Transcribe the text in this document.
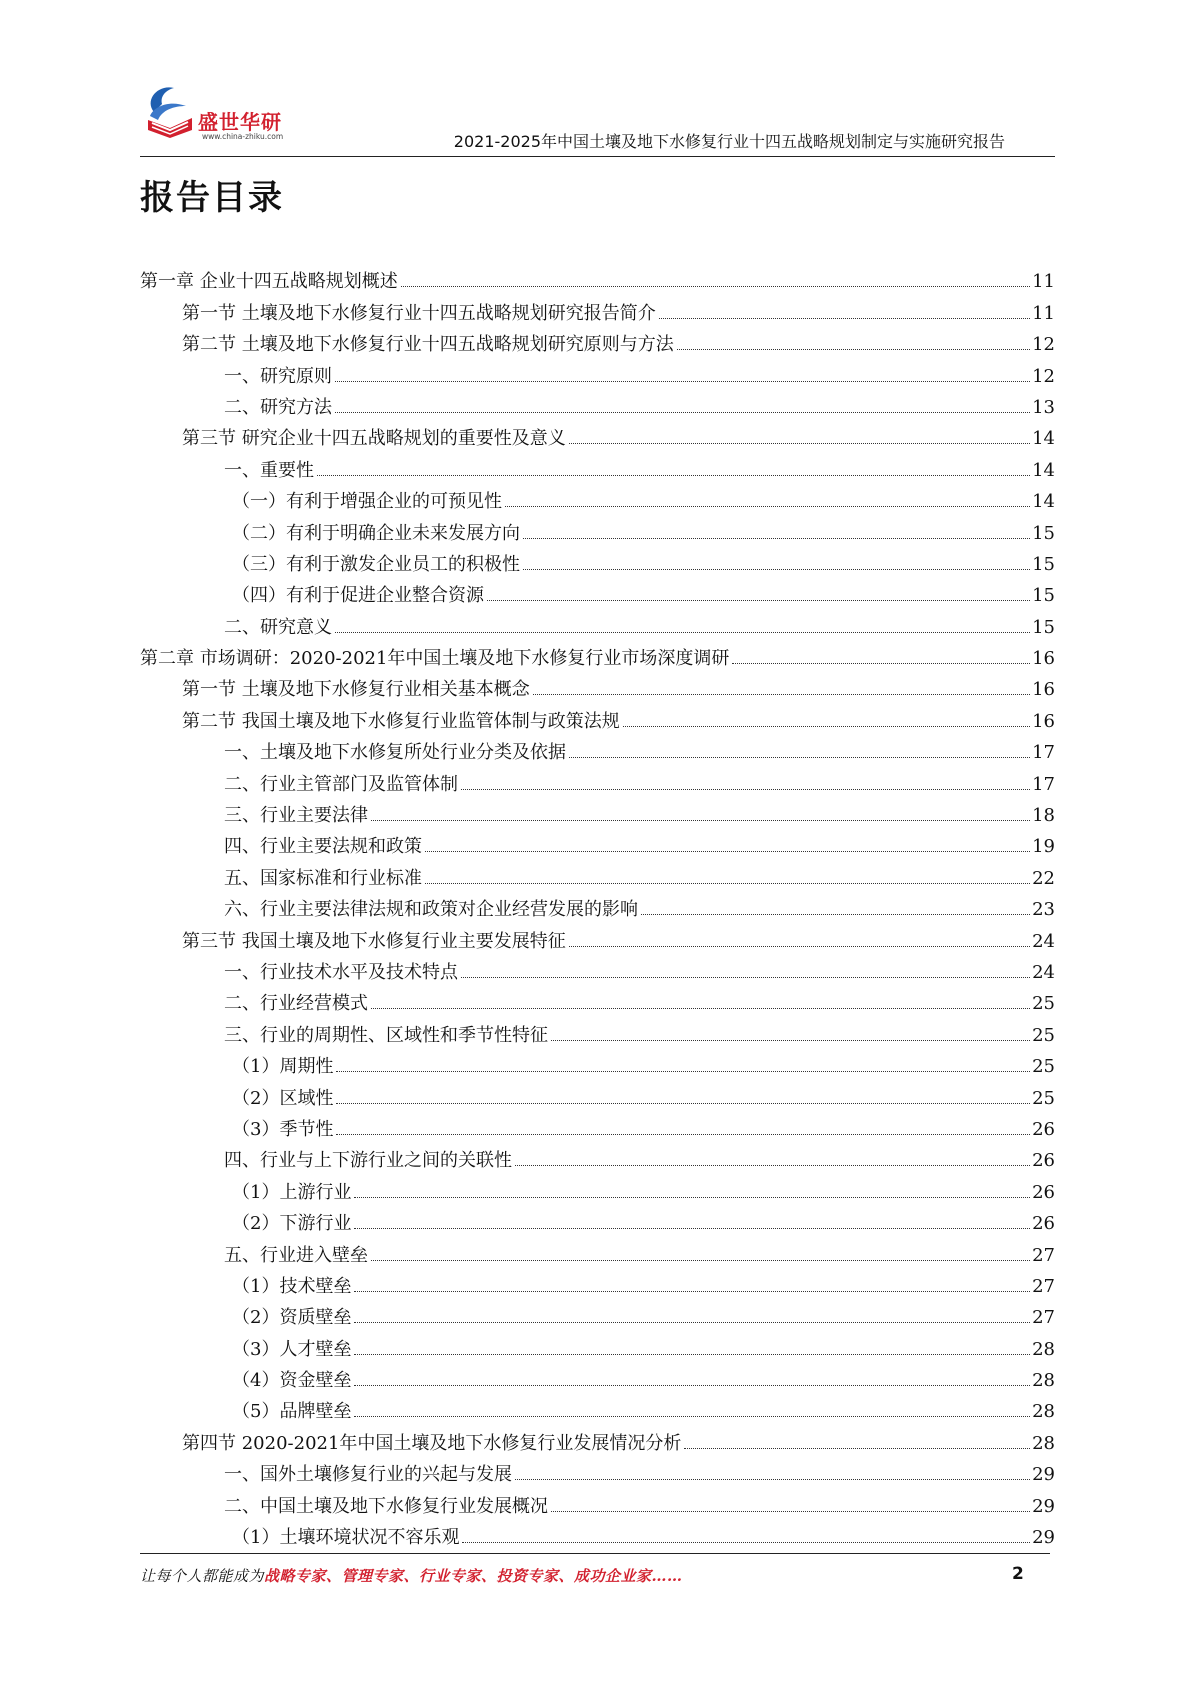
盛世华研
www.china-zhiku.com	2021-2025年中国土壤及地下水修复行业十四五战略规划制定与实施研究报告
报告目录
第一章 企业十四五战略规划概述	11
第一节 土壤及地下水修复行业十四五战略规划研究报告简介	11
第二节 土壤及地下水修复行业十四五战略规划研究原则与方法	12
一、研究原则	12
二、研究方法	13
第三节 研究企业十四五战略规划的重要性及意义	14
一、重要性	14
（一）有利于增强企业的可预见性	14
（二）有利于明确企业未来发展方向	15
（三）有利于激发企业员工的积极性	15
（四）有利于促进企业整合资源	15
二、研究意义	15
第二章 市场调研：2020-2021年中国土壤及地下水修复行业市场深度调研	16
第一节 土壤及地下水修复行业相关基本概念	16
第二节 我国土壤及地下水修复行业监管体制与政策法规	16
一、土壤及地下水修复所处行业分类及依据	17
二、行业主管部门及监管体制	17
三、行业主要法律	18
四、行业主要法规和政策	19
五、国家标准和行业标准	22
六、行业主要法律法规和政策对企业经营发展的影响	23
第三节 我国土壤及地下水修复行业主要发展特征	24
一、行业技术水平及技术特点	24
二、行业经营模式	25
三、行业的周期性、区域性和季节性特征	25
（1）周期性	25
（2）区域性	25
（3）季节性	26
四、行业与上下游行业之间的关联性	26
（1）上游行业	26
（2）下游行业	26
五、行业进入壁垒	27
（1）技术壁垒	27
（2）资质壁垒	27
（3）人才壁垒	28
（4）资金壁垒	28
（5）品牌壁垒	28
第四节 2020-2021年中国土壤及地下水修复行业发展情况分析	28
一、国外土壤修复行业的兴起与发展	29
二、中国土壤及地下水修复行业发展概况	29
（1）土壤环境状况不容乐观	29
让每个人都能成为战略专家、管理专家、行业专家、投资专家、成功企业家……	2
